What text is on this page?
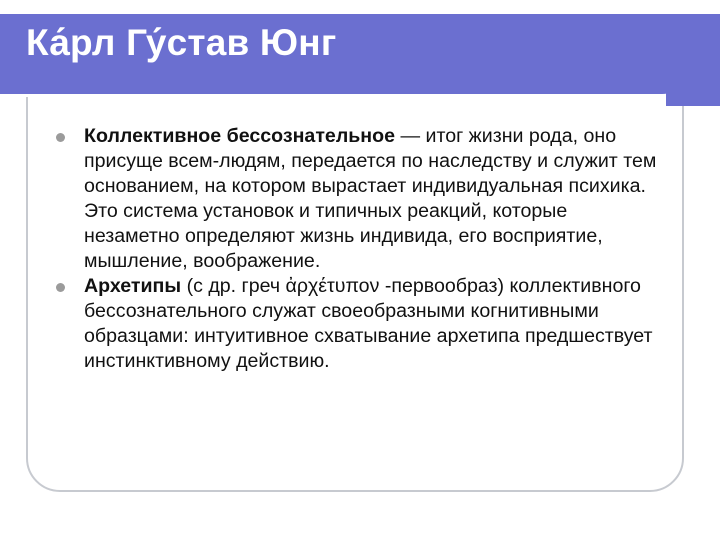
Ка́рл Гу́став Юнг
Коллективное бессознательное — итог жизни рода, оно присуще всем-людям, передается по наследству и служит тем основанием, на котором вырастает индивидуальная психика. Это система установок и типичных реакций, которые незаметно определяют жизнь индивида, его восприятие, мышление, воображение.
Архетипы (с др. греч ἀρχέτυπον -первообраз) коллективного бессознательного служат своеобразными когнитивными образцами: интуитивное схватывание архетипа предшествует инстинктивному действию.
